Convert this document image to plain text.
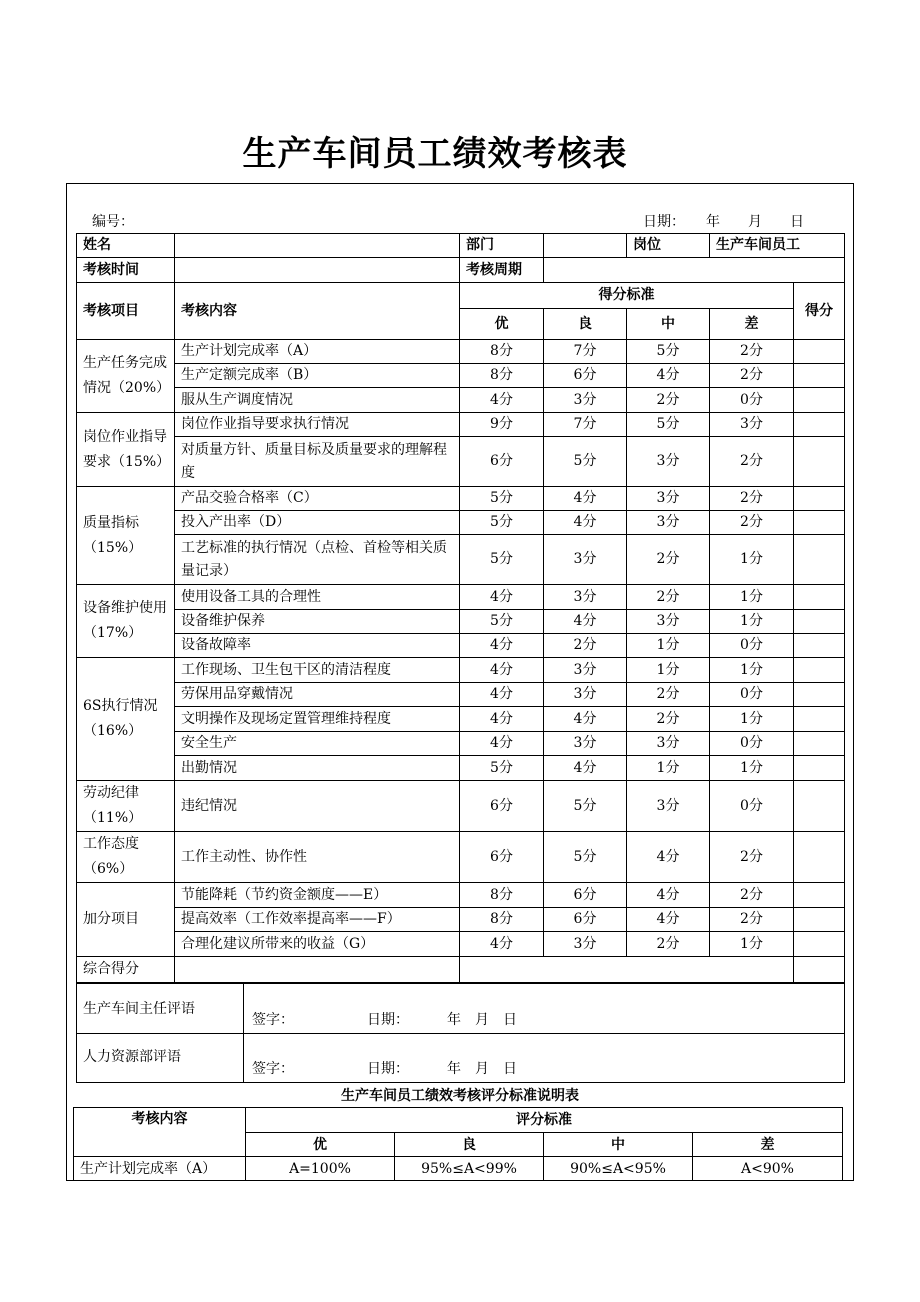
生产车间员工绩效考核表
编号：	日期：　　年　　月　　日
姓名		部门		岗位	生产车间员工	
考核时间		考核周期				
考核项目	考核内容	得分标准				得分
		优	良	中	差	
生产任务完成情况（20%）	生产计划完成率（A）	8分	7分	5分	2分	
	生产定额完成率（B）	8分	6分	4分	2分	
	服从生产调度情况	4分	3分	2分	0分	
岗位作业指导要求（15%）	岗位作业指导要求执行情况	9分	7分	5分	3分	
	对质量方针、质量目标及质量要求的理解程度	6分	5分	3分	2分	
质量指标（15%）	产品交验合格率（C）	5分	4分	3分	2分	
	投入产出率（D）	5分	4分	3分	2分	
	工艺标准的执行情况（点检、首检等相关质量记录）	5分	3分	2分	1分	
设备维护使用（17%）	使用设备工具的合理性	4分	3分	2分	1分	
	设备维护保养	5分	4分	3分	1分	
	设备故障率	4分	2分	1分	0分	
6S执行情况（16%）	工作现场、卫生包干区的清洁程度	4分	3分	1分	1分	
	劳保用品穿戴情况	4分	3分	2分	0分	
	文明操作及现场定置管理维持程度	4分	4分	2分	1分	
	安全生产	4分	3分	3分	0分	
	出勤情况	5分	4分	1分	1分	
劳动纪律（11%）	违纪情况	6分	5分	3分	0分	
工作态度（6%）	工作主动性、协作性	6分	5分	4分	2分	
加分项目	节能降耗（节约资金额度——E）	8分	6分	4分	2分	
	提高效率（工作效率提高率——F）	8分	6分	4分	2分	
	合理化建议所带来的收益（G）	4分	3分	2分	1分	
综合得分						
生产车间主任评语	签字： 日期： 年　月　日

人力资源部评语	签字： 日期： 年　月　日
生产车间员工绩效考核评分标准说明表
考核内容	评分标准			
	优	良	中	差
生产计划完成率（A）	A=100%	95%≤A<99%	90%≤A<95%	A<90%
